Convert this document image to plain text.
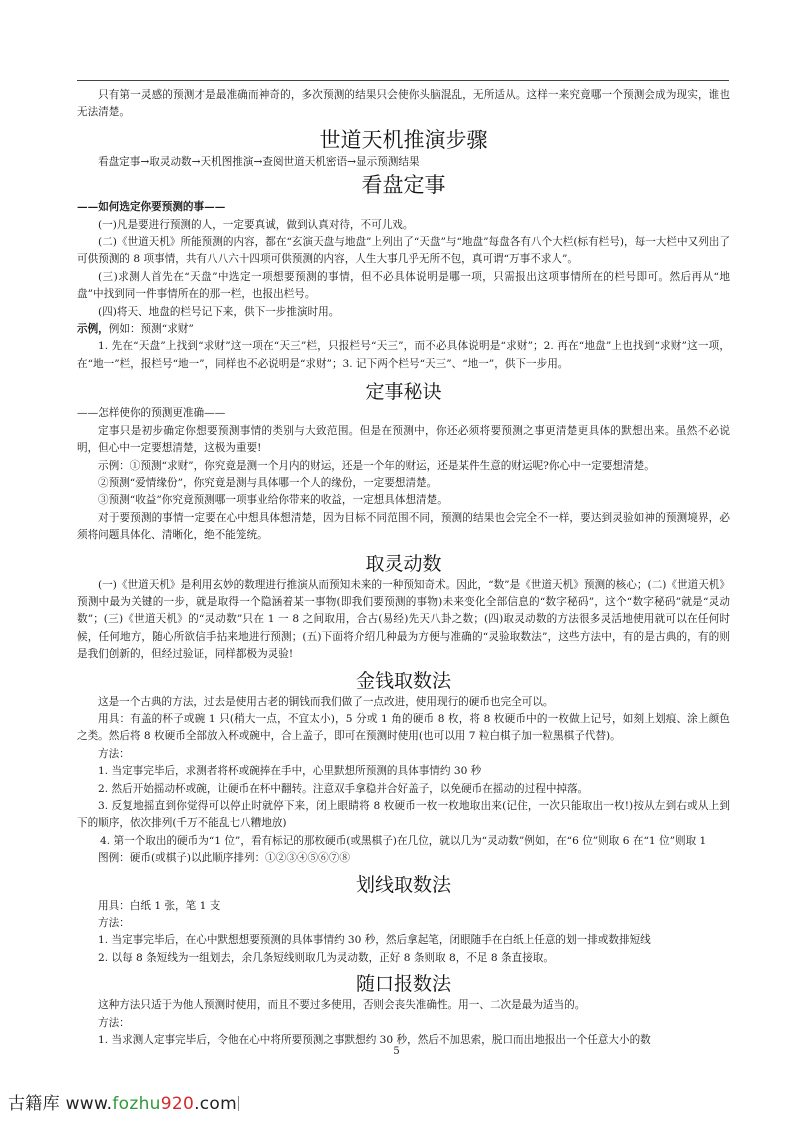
只有第一灵感的预测才是最准确而神奇的，多次预测的结果只会使你头脑混乱，无所适从。这样一来究竟哪一个预测会成为现实，谁也无法清楚。

世道天机推演步骤

看盘定事→取灵动数→天机图推演→查阅世道天机密语→显示预测结果

看盘定事

——如何选定你要预测的事——

(一)凡是要进行预测的人，一定要真诚，做到认真对待，不可儿戏。

(二)《世道天机》所能预测的内容，都在“玄演天盘与地盘”上列出了“天盘”与“地盘”每盘各有八个大栏(标有栏号)，每一大栏中又列出了可供预测的 8 项事情，共有八八六十四项可供预测的内容，人生大事几乎无所不包，真可谓“万事不求人”。

(三)求测人首先在“天盘”中选定一项想要预测的事情，但不必具体说明是哪一项，只需报出这项事情所在的栏号即可。然后再从“地盘”中找到同一件事情所在的那一栏，也报出栏号。

(四)将天、地盘的栏号记下来，供下一步推演时用。

示例，例如：预测“求财”

1. 先在“天盘”上找到“求财”这一项在“天三”栏，只报栏号“天三”，而不必具体说明是“求财”；2. 再在“地盘”上也找到“求财”这一项，在“地一”栏，报栏号“地一”，同样也不必说明是“求财”；3. 记下两个栏号“天三”、“地一”，供下一步用。

定事秘诀

——怎样使你的预测更准确——

定事只是初步确定你想要预测事情的类别与大致范围。但是在预测中，你还必须将要预测之事更清楚更具体的默想出来。虽然不必说明，但心中一定要想清楚，这极为重要!

示例：①预测“求财”，你究竟是测一个月内的财运，还是一个年的财运，还是某件生意的财运呢?你心中一定要想清楚。

②预测“爱情缘份”，你究竟是测与具体哪一个人的缘份，一定要想清楚。

③预测“收益”你究竟预测哪一项事业给你带来的收益，一定想具体想清楚。

对于要预测的事情一定要在心中想具体想清楚，因为目标不同范围不同，预测的结果也会完全不一样，要达到灵验如神的预测境界，必须将问题具体化、清晰化，绝不能笼统。

取灵动数

(一)《世道天机》是利用玄妙的数理进行推演从而预知未来的一种预知奇术。因此，“数”是《世道天机》预测的核心；(二)《世道天机》预测中最为关键的一步，就是取得一个隐涵着某一事物(即我们要预测的事物)未来变化全部信息的“数字秘码”，这个“数字秘码”就是“灵动数”；(三)《世道天机》的“灵动数”只在 1 一 8 之间取用，合古(易经)先天八卦之数；(四)取灵动数的方法很多灵活地使用就可以在任何时候，任何地方，随心所欲信手拈来地进行预测；(五)下面将介绍几种最为方便与准确的“灵验取数法”，这些方法中，有的是古典的，有的则是我们创新的，但经过验证，同样都极为灵验!

金钱取数法

这是一个古典的方法，过去是使用古老的铜钱而我们做了一点改进，使用现行的硬币也完全可以。

用具：有盖的杯子或碗 1 只(稍大一点，不宜太小)，5 分或 1 角的硬币 8 枚，将 8 枚硬币中的一枚做上记号，如刻上划痕、涂上颜色之类。然后将 8 枚硬币全部放入杯或碗中，合上盖子，即可在预测时使用(也可以用 7 粒白棋子加一粒黑棋子代替)。

方法：

1. 当定事完毕后，求测者将杯或碗捧在手中，心里默想所预测的具体事情约 30 秒

2. 然后开始摇动杯或碗，让硬币在杯中翻转。注意双手拿稳并合好盖子，以免硬币在摇动的过程中掉落。

3. 反复地摇直到你觉得可以停止时就停下来，闭上眼睛将 8 枚硬币一枚一枚地取出来(记住，一次只能取出一枚!)按从左到右或从上到下的顺序，依次排列(千万不能乱七八糟地放)

4. 第一个取出的硬币为“1 位”，看有标记的那枚硬币(或黑棋子)在几位，就以几为“灵动数”例如，在“6 位”则取 6 在“1 位”则取 1

图例：硬币(或棋子)以此顺序排列：①②③④⑤⑥⑦⑧

划线取数法

用具：白纸 1 张，笔 1 支

方法：

1. 当定事完毕后，在心中默想想要预测的具体事情约 30 秒，然后拿起笔，闭眼随手在白纸上任意的划一排或数排短线

2. 以每 8 条短线为一组划去，余几条短线则取几为灵动数，正好 8 条则取 8，不足 8 条直接取。

随口报数法

这种方法只适于为他人预测时使用，而且不要过多使用，否则会丧失准确性。用一、二次是最为适当的。

方法：

1. 当求测人定事完毕后，令他在心中将所要预测之事默想约 30 秒，然后不加思索，脱口而出地报出一个任意大小的数

5
古籍库 www.fozhu920.com
